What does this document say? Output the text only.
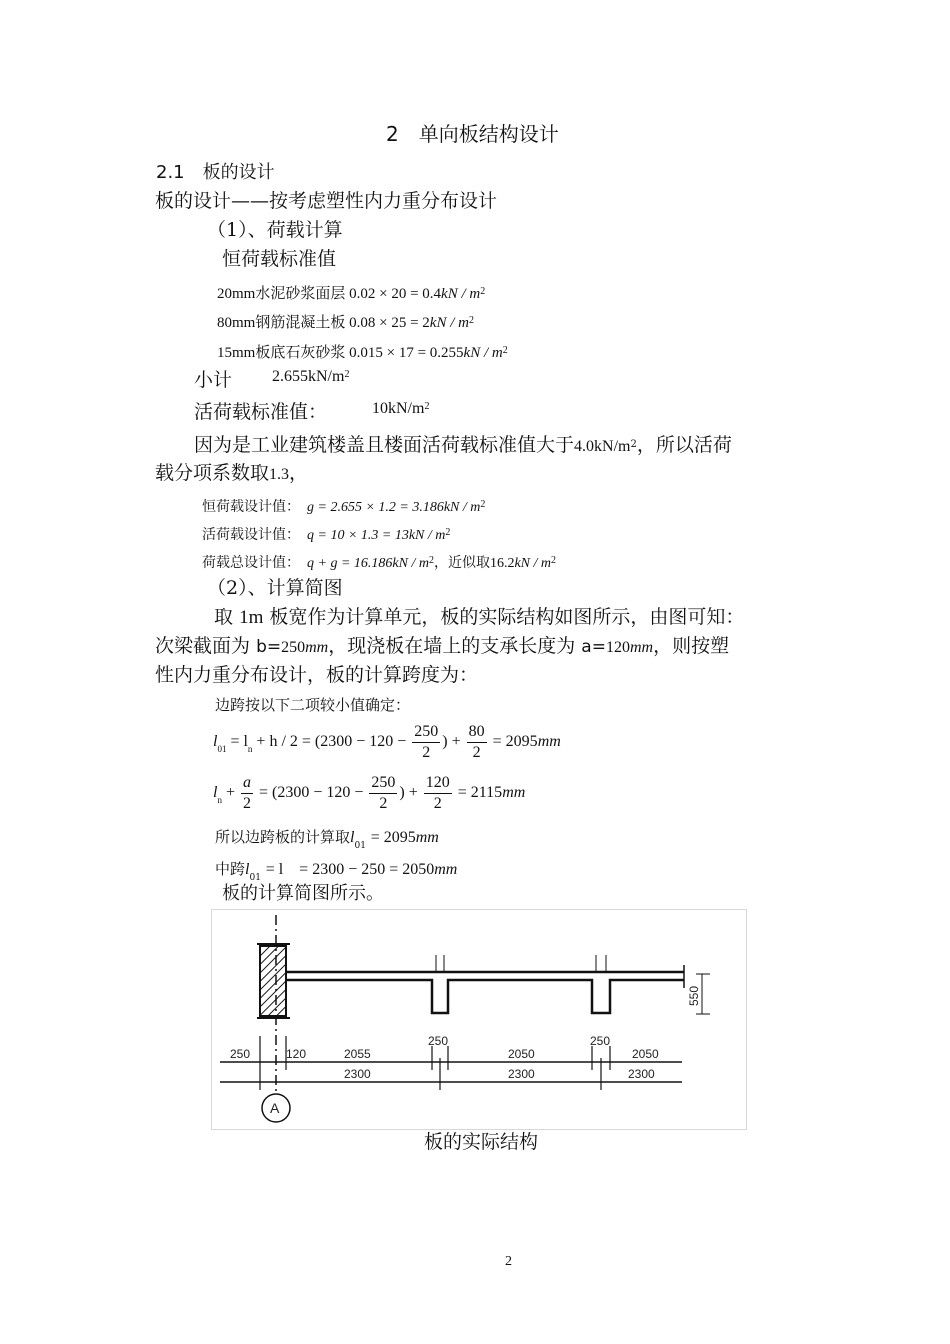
2　单向板结构设计
2.1　板的设计
板的设计——按考虑塑性内力重分布设计
（1）、荷载计算
恒荷载标准值
20mm水泥砂浆面层 $0.02 \times 20 = 0.4kN / m^2$
80mm钢筋混凝土板 $0.08 \times 25 = 2kN / m^2$
15mm板底石灰砂浆 $0.015 \times 17 = 0.255kN / m^2$
小计 $2.655kN/m^2$
活荷载标准值：	$10kN/m^2$
因为是工业建筑楼盖且楼面活荷载标准值大于$4.0kN/m^2$，所以活荷
载分项系数取1.3，
恒荷载设计值： $g = 2.655 \times 1.2 = 3.186kN / m^2$
活荷载设计值： $q = 10 \times 1.3 = 13kN / m^2$
荷载总设计值： $q + g = 16.186kN / m^2$，近似取$16.2kN / m^2$
（2）、计算简图
取 1m 板宽作为计算单元，板的实际结构如图所示，由图可知：
次梁截面为 b=250mm，现浇板在墙上的支承长度为 a=120mm，则按塑
性内力重分布设计，板的计算跨度为：
边跨按以下二项较小值确定：
$l_{01} = l_n + h / 2 = (2300 - 120 - \frac{250}{2}$ ) + $\frac{80}{2} = 2095mm$
$l_n + \frac{a}{2} = (2300 - 120 - \frac{250}{2}$ ) + $\frac{120}{2} = 2115mm$
所以边跨板的计算取$l_{01} = 2095mm$
中跨$l_{01} = l$　= 2300 − 250 = 2050mm
板的计算简图所示。
550
250	120	2055
250
2050
250
2050
2300	2300	2300
A
板的实际结构
2
